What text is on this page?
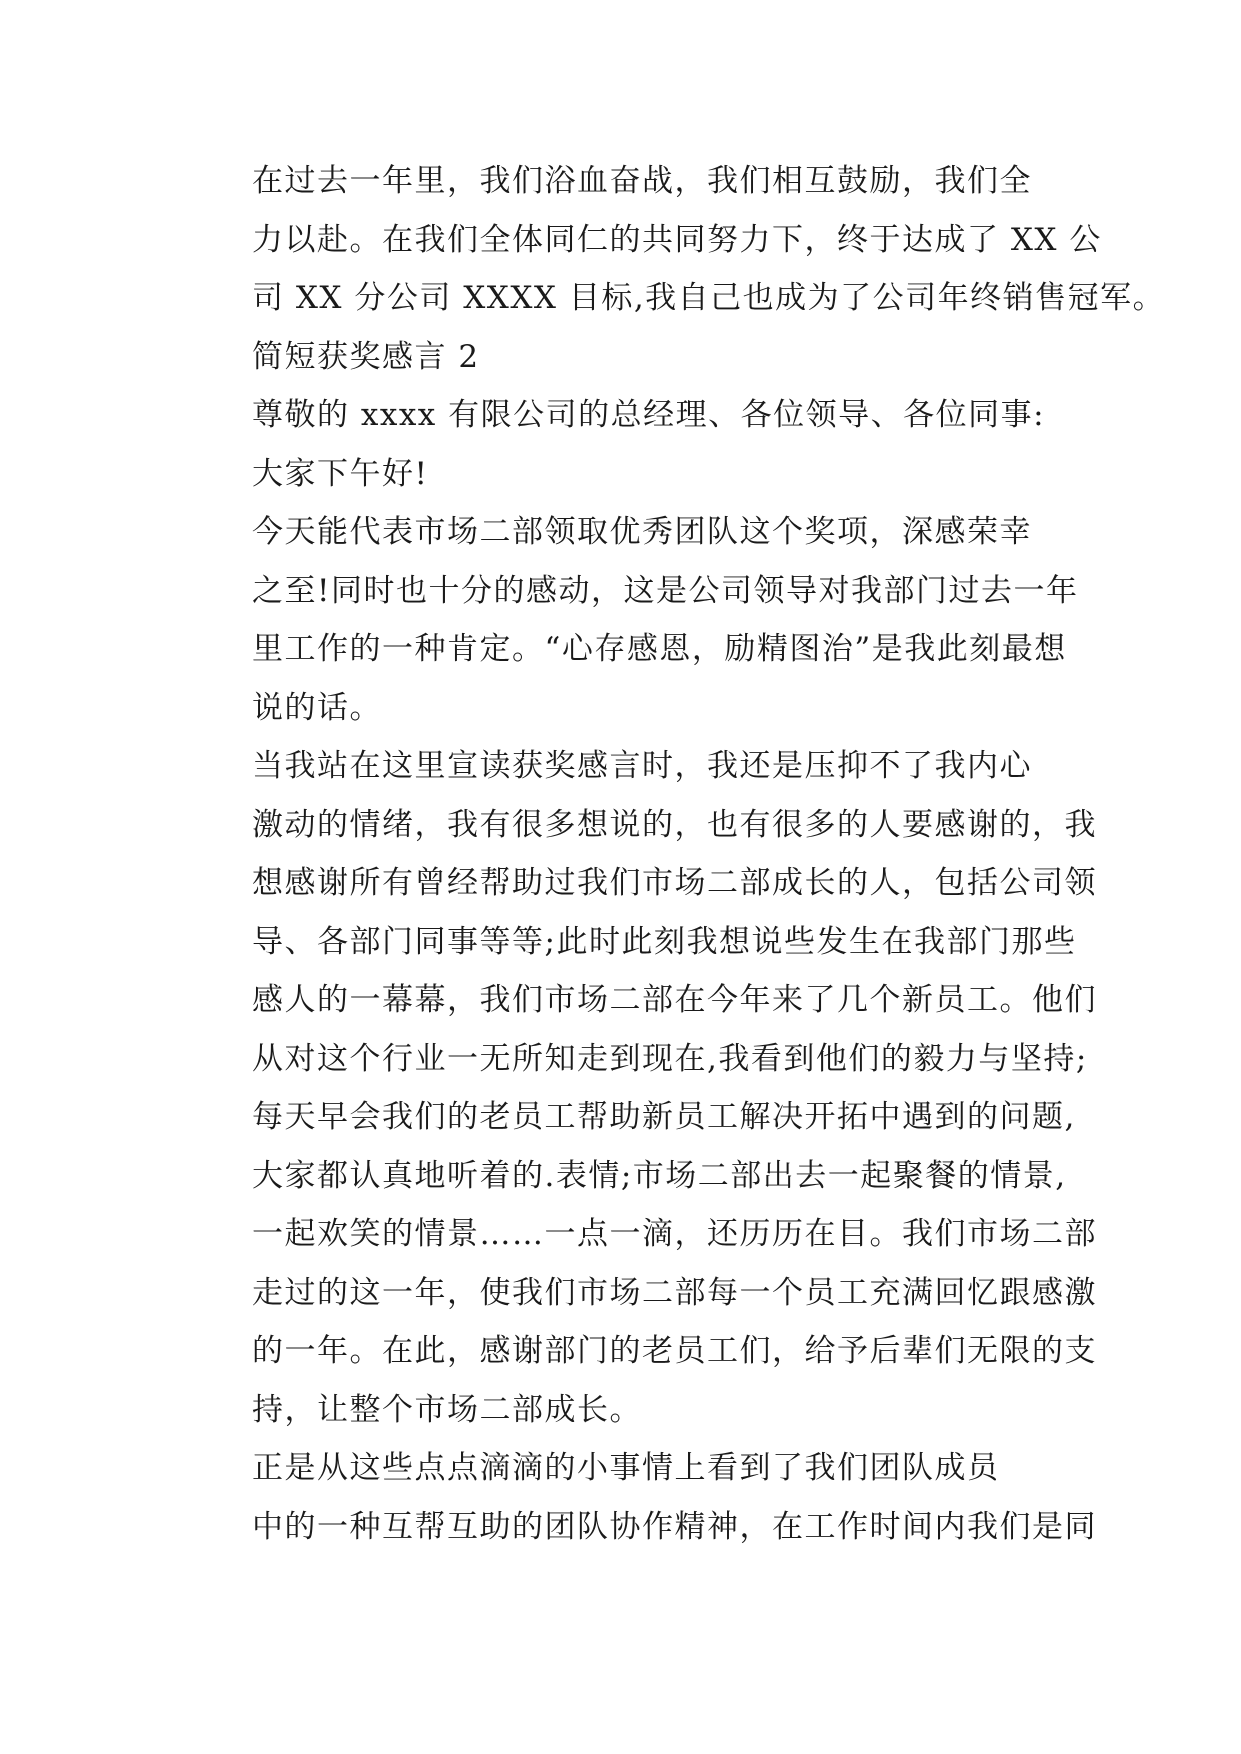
在过去一年里，我们浴血奋战，我们相互鼓励，我们全
力以赴。在我们全体同仁的共同努力下，终于达成了 XX 公
司 XX 分公司 XXXX 目标,我自己也成为了公司年终销售冠军。
简短获奖感言 2
尊敬的 xxxx 有限公司的总经理、各位领导、各位同事:
大家下午好!
今天能代表市场二部领取优秀团队这个奖项，深感荣幸
之至!同时也十分的感动，这是公司领导对我部门过去一年
里工作的一种肯定。“心存感恩，励精图治”是我此刻最想
说的话。
当我站在这里宣读获奖感言时，我还是压抑不了我内心
激动的情绪，我有很多想说的，也有很多的人要感谢的，我
想感谢所有曾经帮助过我们市场二部成长的人，包括公司领
导、各部门同事等等;此时此刻我想说些发生在我部门那些
感人的一幕幕，我们市场二部在今年来了几个新员工。他们
从对这个行业一无所知走到现在,我看到他们的毅力与坚持;
每天早会我们的老员工帮助新员工解决开拓中遇到的问题,
大家都认真地听着的.表情;市场二部出去一起聚餐的情景,
一起欢笑的情景……一点一滴，还历历在目。我们市场二部
走过的这一年，使我们市场二部每一个员工充满回忆跟感激
的一年。在此，感谢部门的老员工们，给予后辈们无限的支
持，让整个市场二部成长。
正是从这些点点滴滴的小事情上看到了我们团队成员
中的一种互帮互助的团队协作精神，在工作时间内我们是同
